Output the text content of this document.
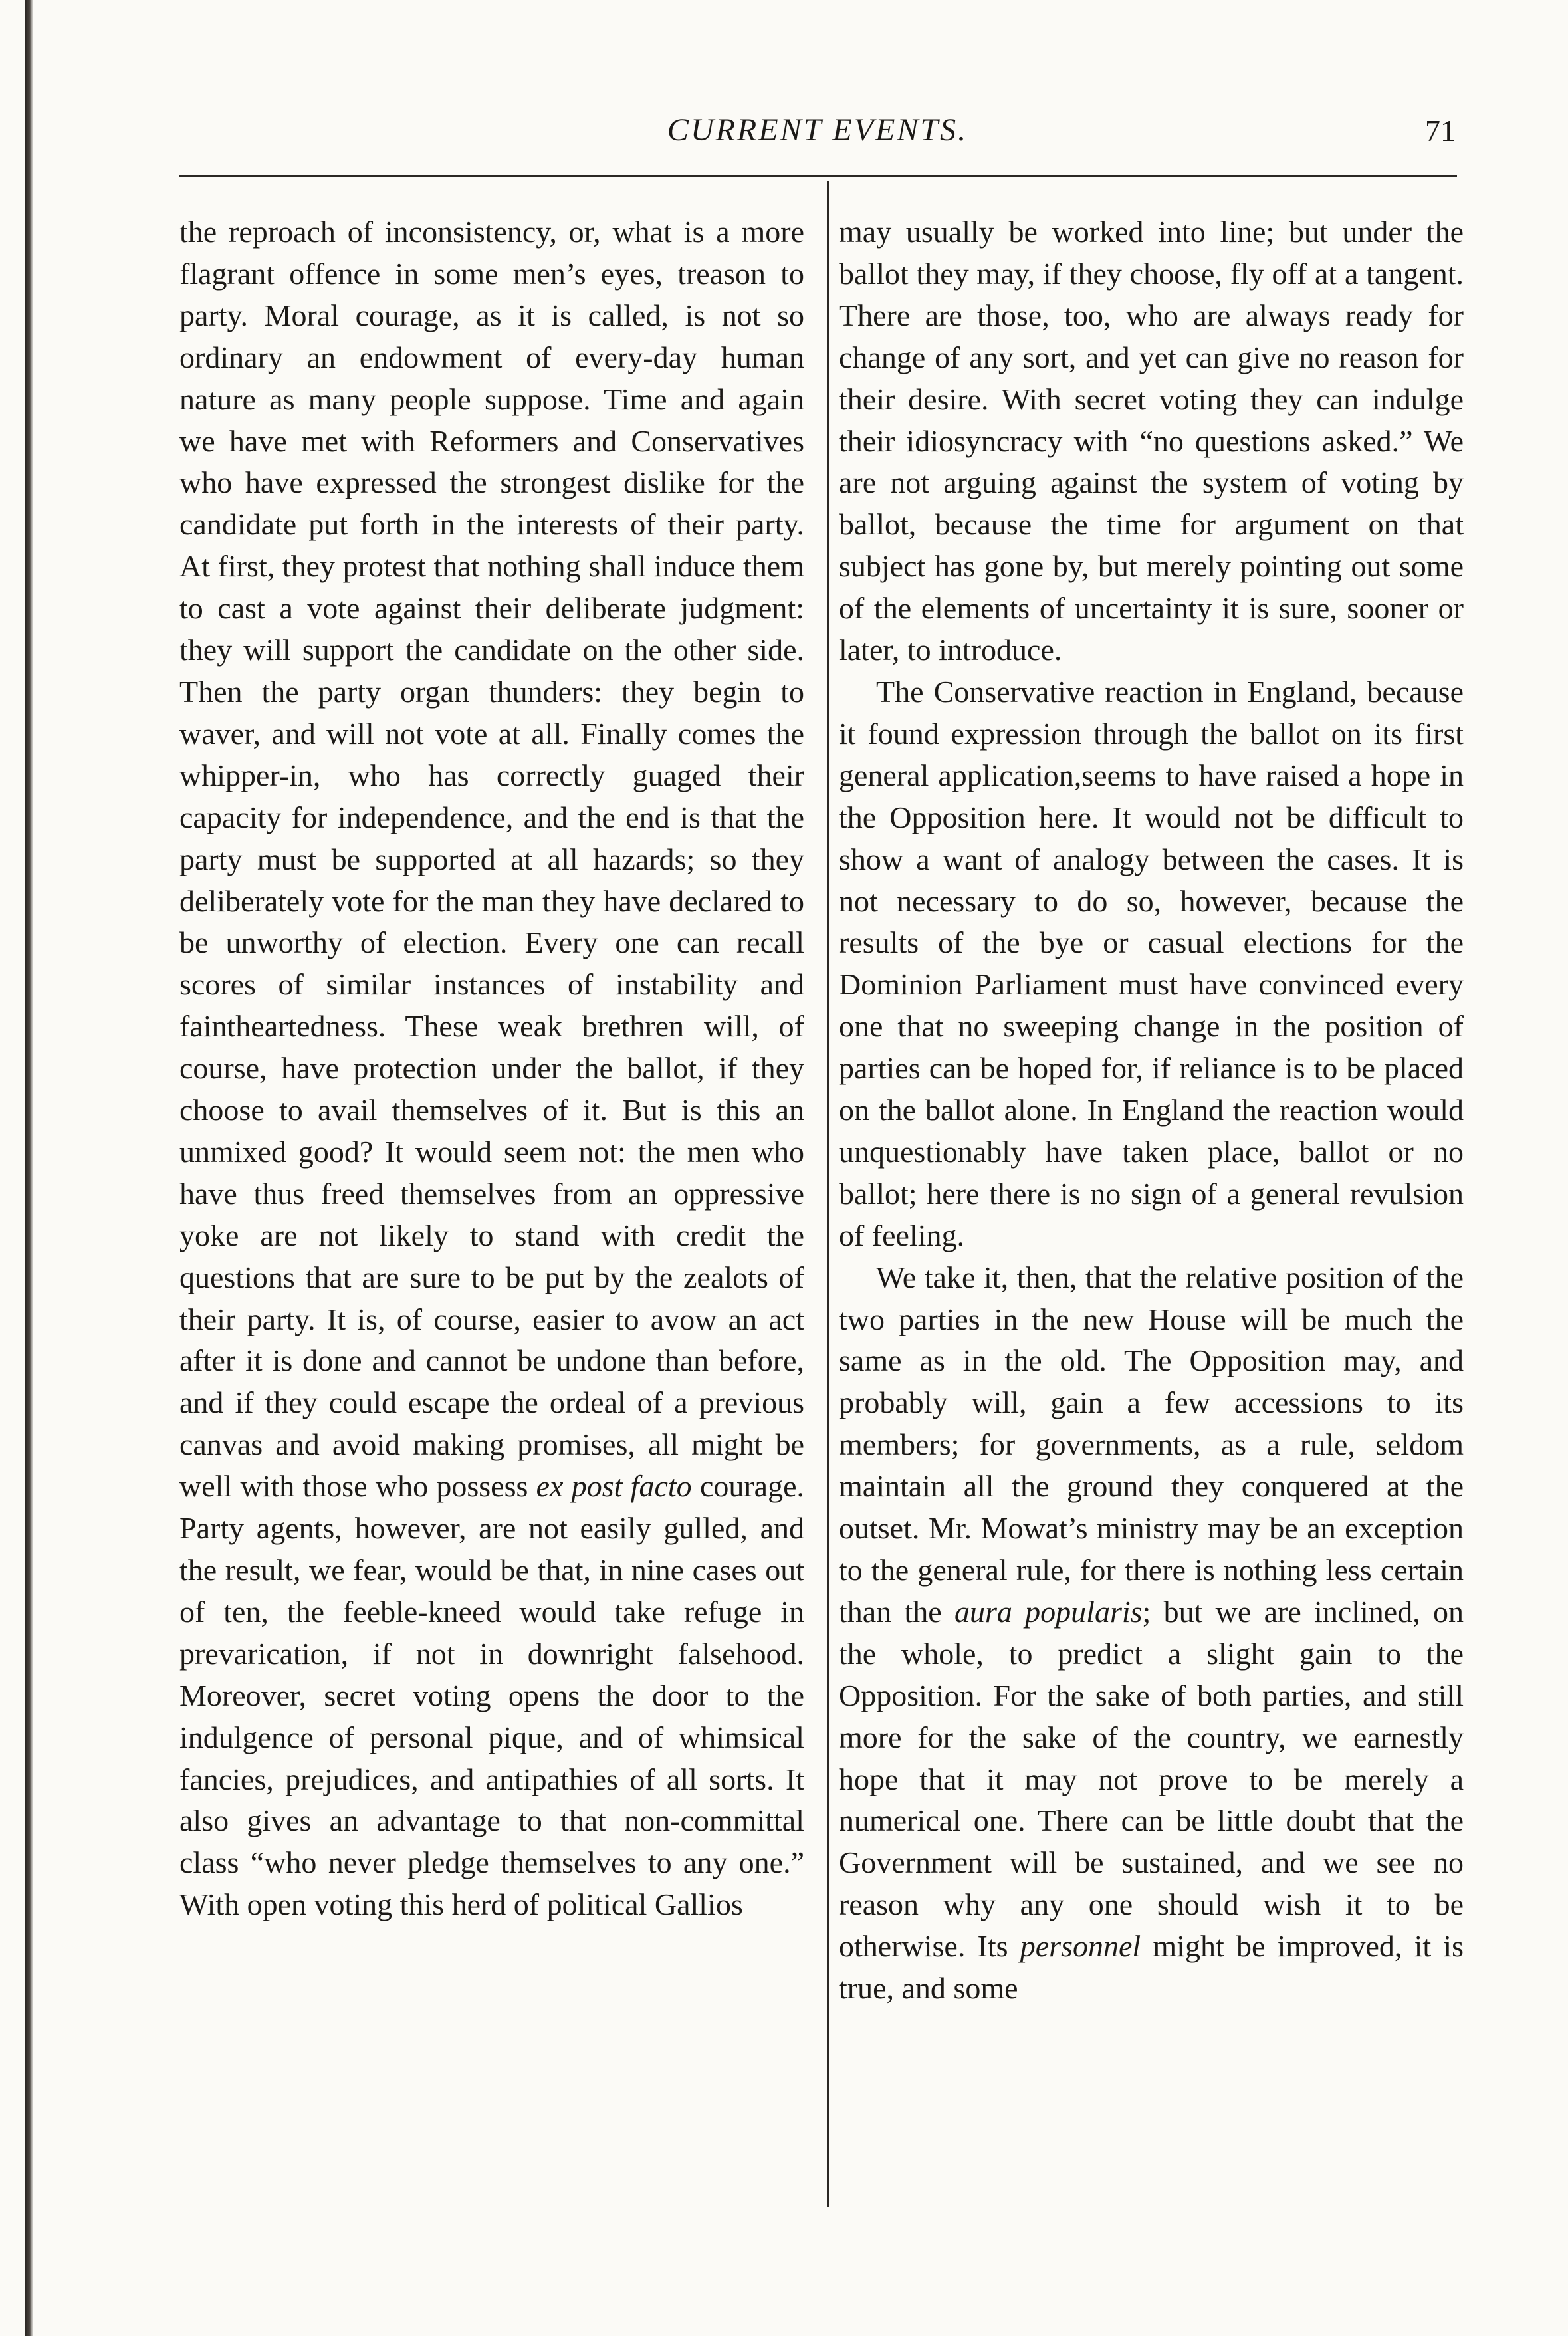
CURRENT EVENTS.	71

the reproach of inconsistency, or, what is a more flagrant offence in some men’s eyes, treason to party. Moral courage, as it is called, is not so ordinary an endowment of every-day human nature as many people suppose. Time and again we have met with Reformers and Conservatives who have expressed the strongest dislike for the candidate put forth in the interests of their party. At first, they protest that nothing shall induce them to cast a vote against their deliberate judgment: they will support the candidate on the other side. Then the party organ thunders: they begin to waver, and will not vote at all. Finally comes the whipper-in, who has correctly guaged their capacity for independence, and the end is that the party must be supported at all hazards; so they deliberately vote for the man they have declared to be unworthy of election. Every one can recall scores of similar instances of instability and faintheartedness. These weak brethren will, of course, have protection under the ballot, if they choose to avail themselves of it. But is this an unmixed good? It would seem not: the men who have thus freed themselves from an oppressive yoke are not likely to stand with credit the questions that are sure to be put by the zealots of their party. It is, of course, easier to avow an act after it is done and cannot be undone than before, and if they could escape the ordeal of a previous canvas and avoid making promises, all might be well with those who possess ex post facto courage. Party agents, however, are not easily gulled, and the result, we fear, would be that, in nine cases out of ten, the feeble-kneed would take refuge in prevarication, if not in downright falsehood. Moreover, secret voting opens the door to the indulgence of personal pique, and of whimsical fancies, prejudices, and antipathies of all sorts. It also gives an advantage to that non-committal class “who never pledge themselves to any one.” With open voting this herd of political Gallios

may usually be worked into line; but under the ballot they may, if they choose, fly off at a tangent. There are those, too, who are always ready for change of any sort, and yet can give no reason for their desire. With secret voting they can indulge their idiosyncracy with “no questions asked.” We are not arguing against the system of voting by ballot, because the time for argument on that subject has gone by, but merely pointing out some of the elements of uncertainty it is sure, sooner or later, to introduce.

The Conservative reaction in England, because it found expression through the ballot on its first general application,seems to have raised a hope in the Opposition here. It would not be difficult to show a want of analogy between the cases. It is not necessary to do so, however, because the results of the bye or casual elections for the Dominion Parliament must have convinced every one that no sweeping change in the position of parties can be hoped for, if reliance is to be placed on the ballot alone. In England the reaction would unquestionably have taken place, ballot or no ballot; here there is no sign of a general revulsion of feeling.

We take it, then, that the relative position of the two parties in the new House will be much the same as in the old. The Opposition may, and probably will, gain a few accessions to its members; for governments, as a rule, seldom maintain all the ground they conquered at the outset. Mr. Mowat’s ministry may be an exception to the general rule, for there is nothing less certain than the aura popularis; but we are inclined, on the whole, to predict a slight gain to the Opposition. For the sake of both parties, and still more for the sake of the country, we earnestly hope that it may not prove to be merely a numerical one. There can be little doubt that the Government will be sustained, and we see no reason why any one should wish it to be otherwise. Its personnel might be improved, it is true, and some
